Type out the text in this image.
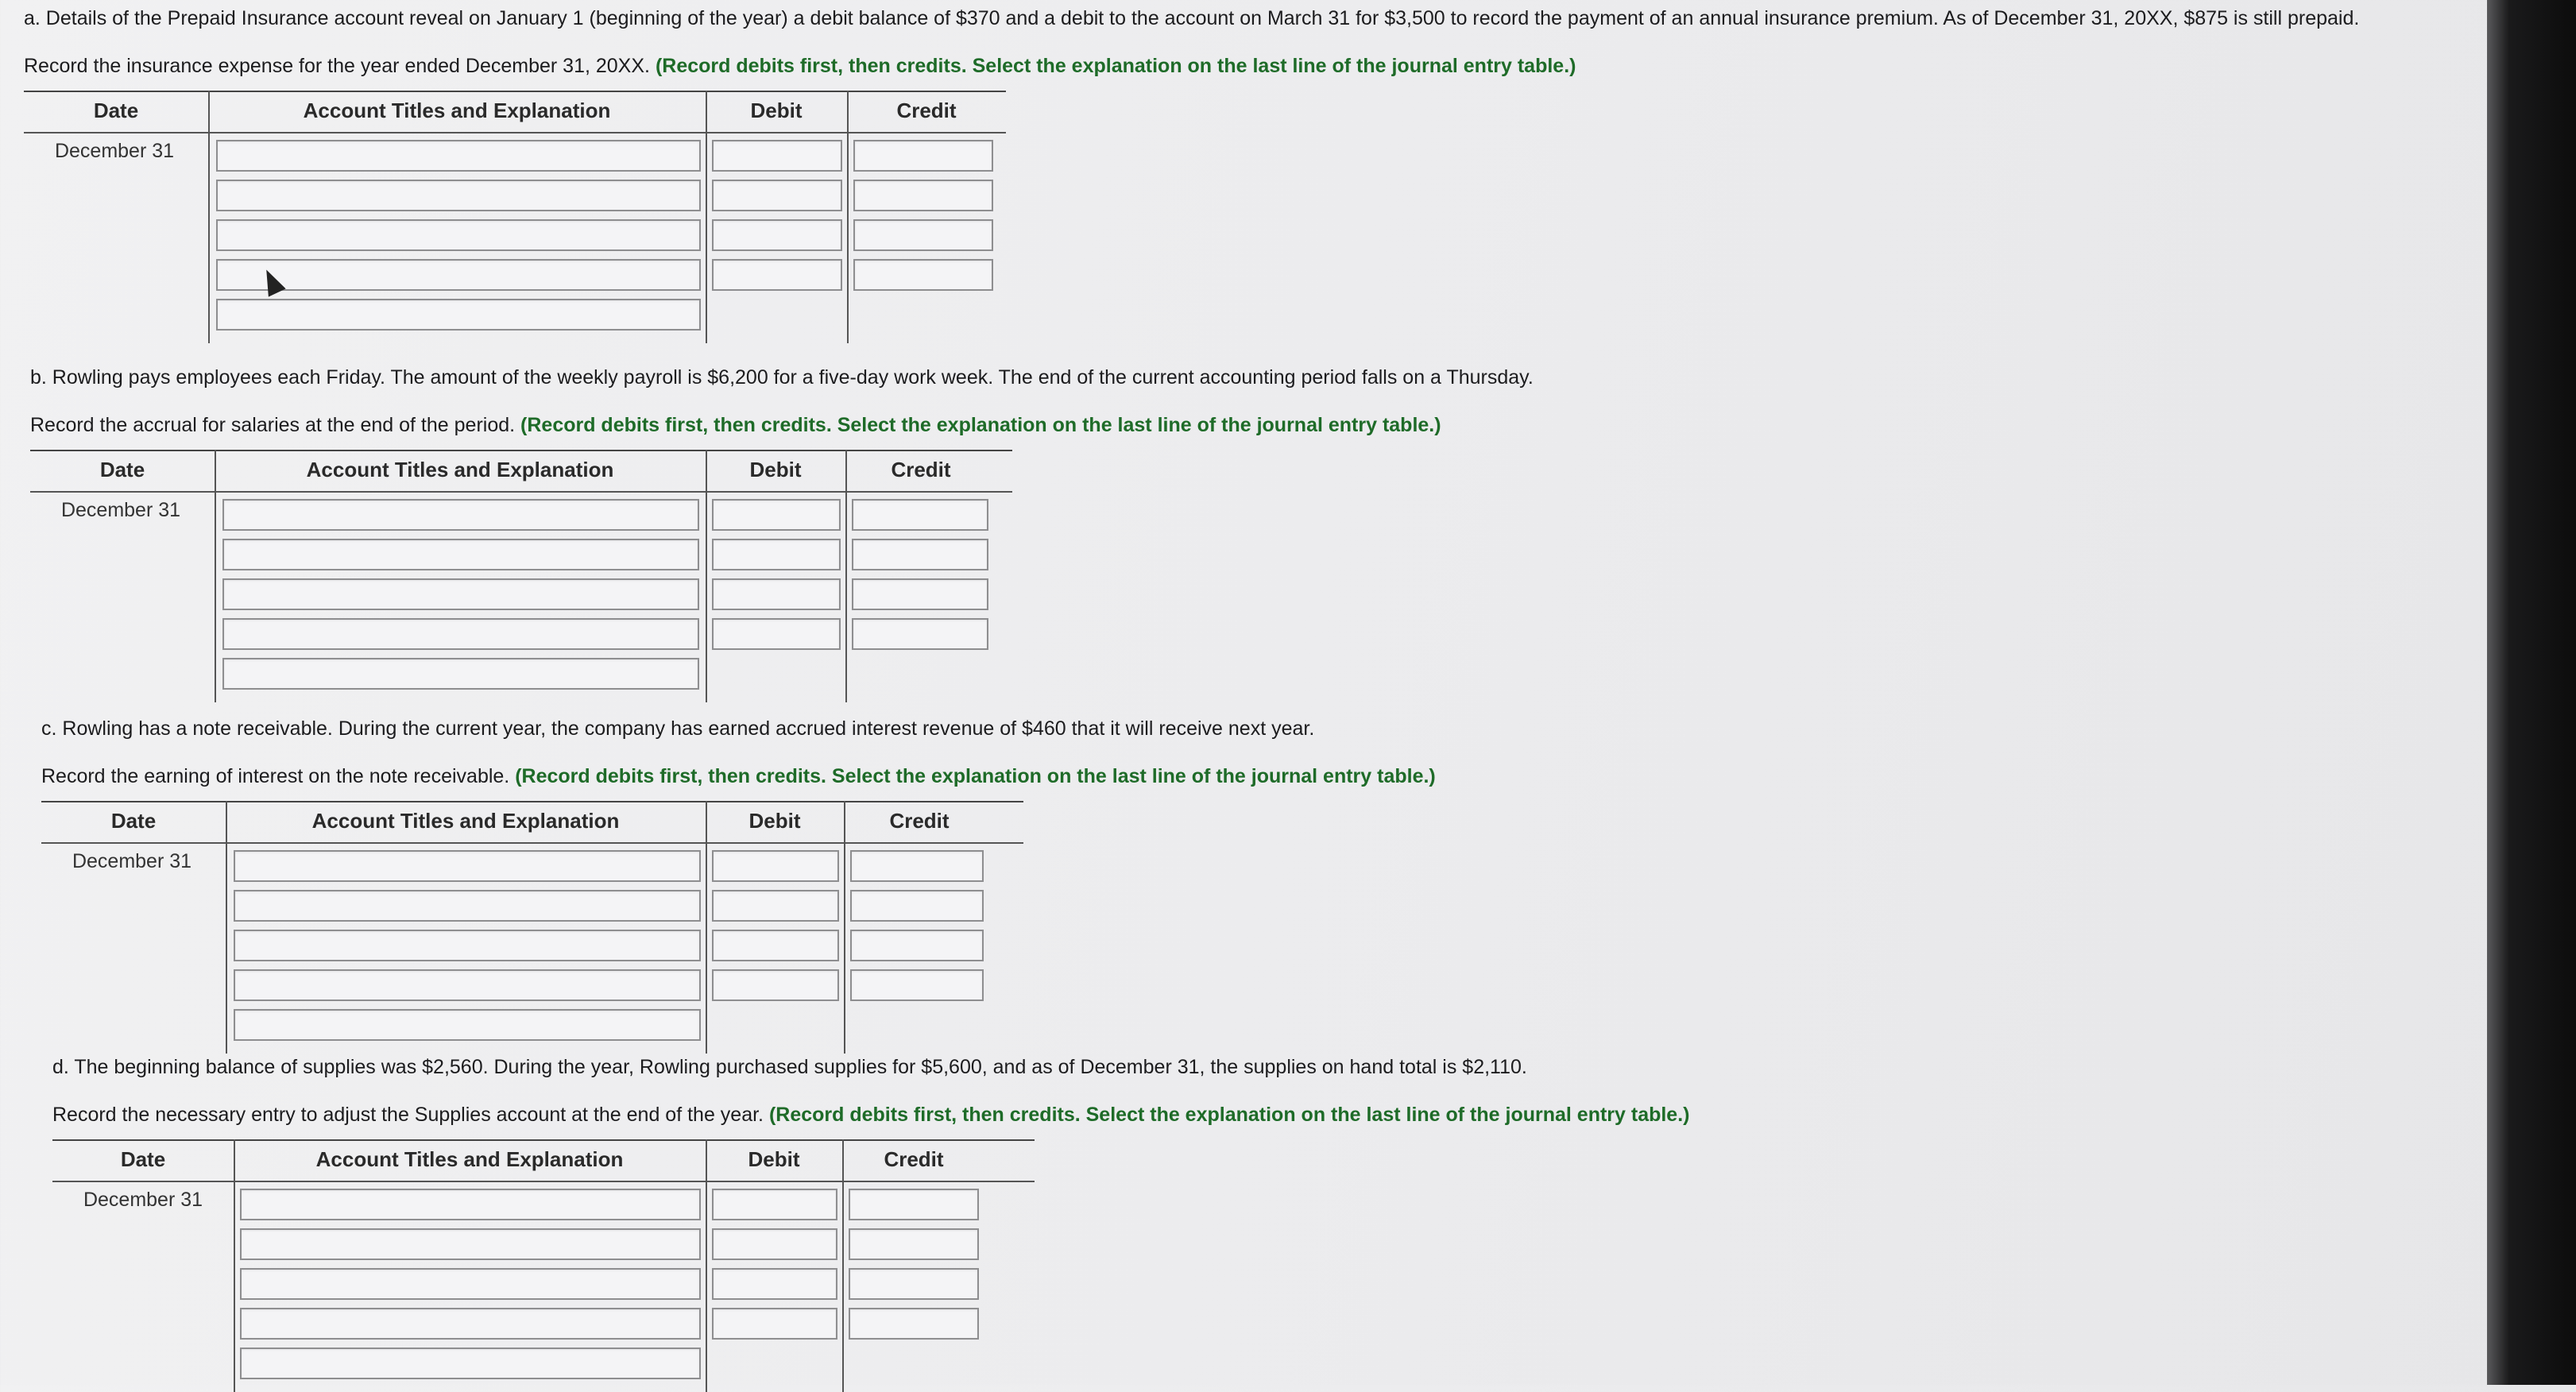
a. Details of the Prepaid Insurance account reveal on January 1 (beginning of the year) a debit balance of $370 and a debit to the account on March 31 for $3,500 to record the payment of an annual insurance premium. As of December 31, 20XX, $875 is still prepaid.

Record the insurance expense for the year ended December 31, 20XX. (Record debits first, then credits. Select the explanation on the last line of the journal entry table.)

Date	Account Titles and Explanation	Debit	Credit
December 31

b. Rowling pays employees each Friday. The amount of the weekly payroll is $6,200 for a five-day work week. The end of the current accounting period falls on a Thursday.

Record the accrual for salaries at the end of the period. (Record debits first, then credits. Select the explanation on the last line of the journal entry table.)

Date	Account Titles and Explanation	Debit	Credit
December 31

c. Rowling has a note receivable. During the current year, the company has earned accrued interest revenue of $460 that it will receive next year.

Record the earning of interest on the note receivable. (Record debits first, then credits. Select the explanation on the last line of the journal entry table.)

Date	Account Titles and Explanation	Debit	Credit
December 31

d. The beginning balance of supplies was $2,560. During the year, Rowling purchased supplies for $5,600, and as of December 31, the supplies on hand total is $2,110.

Record the necessary entry to adjust the Supplies account at the end of the year. (Record debits first, then credits. Select the explanation on the last line of the journal entry table.)

Date	Account Titles and Explanation	Debit	Credit
December 31
